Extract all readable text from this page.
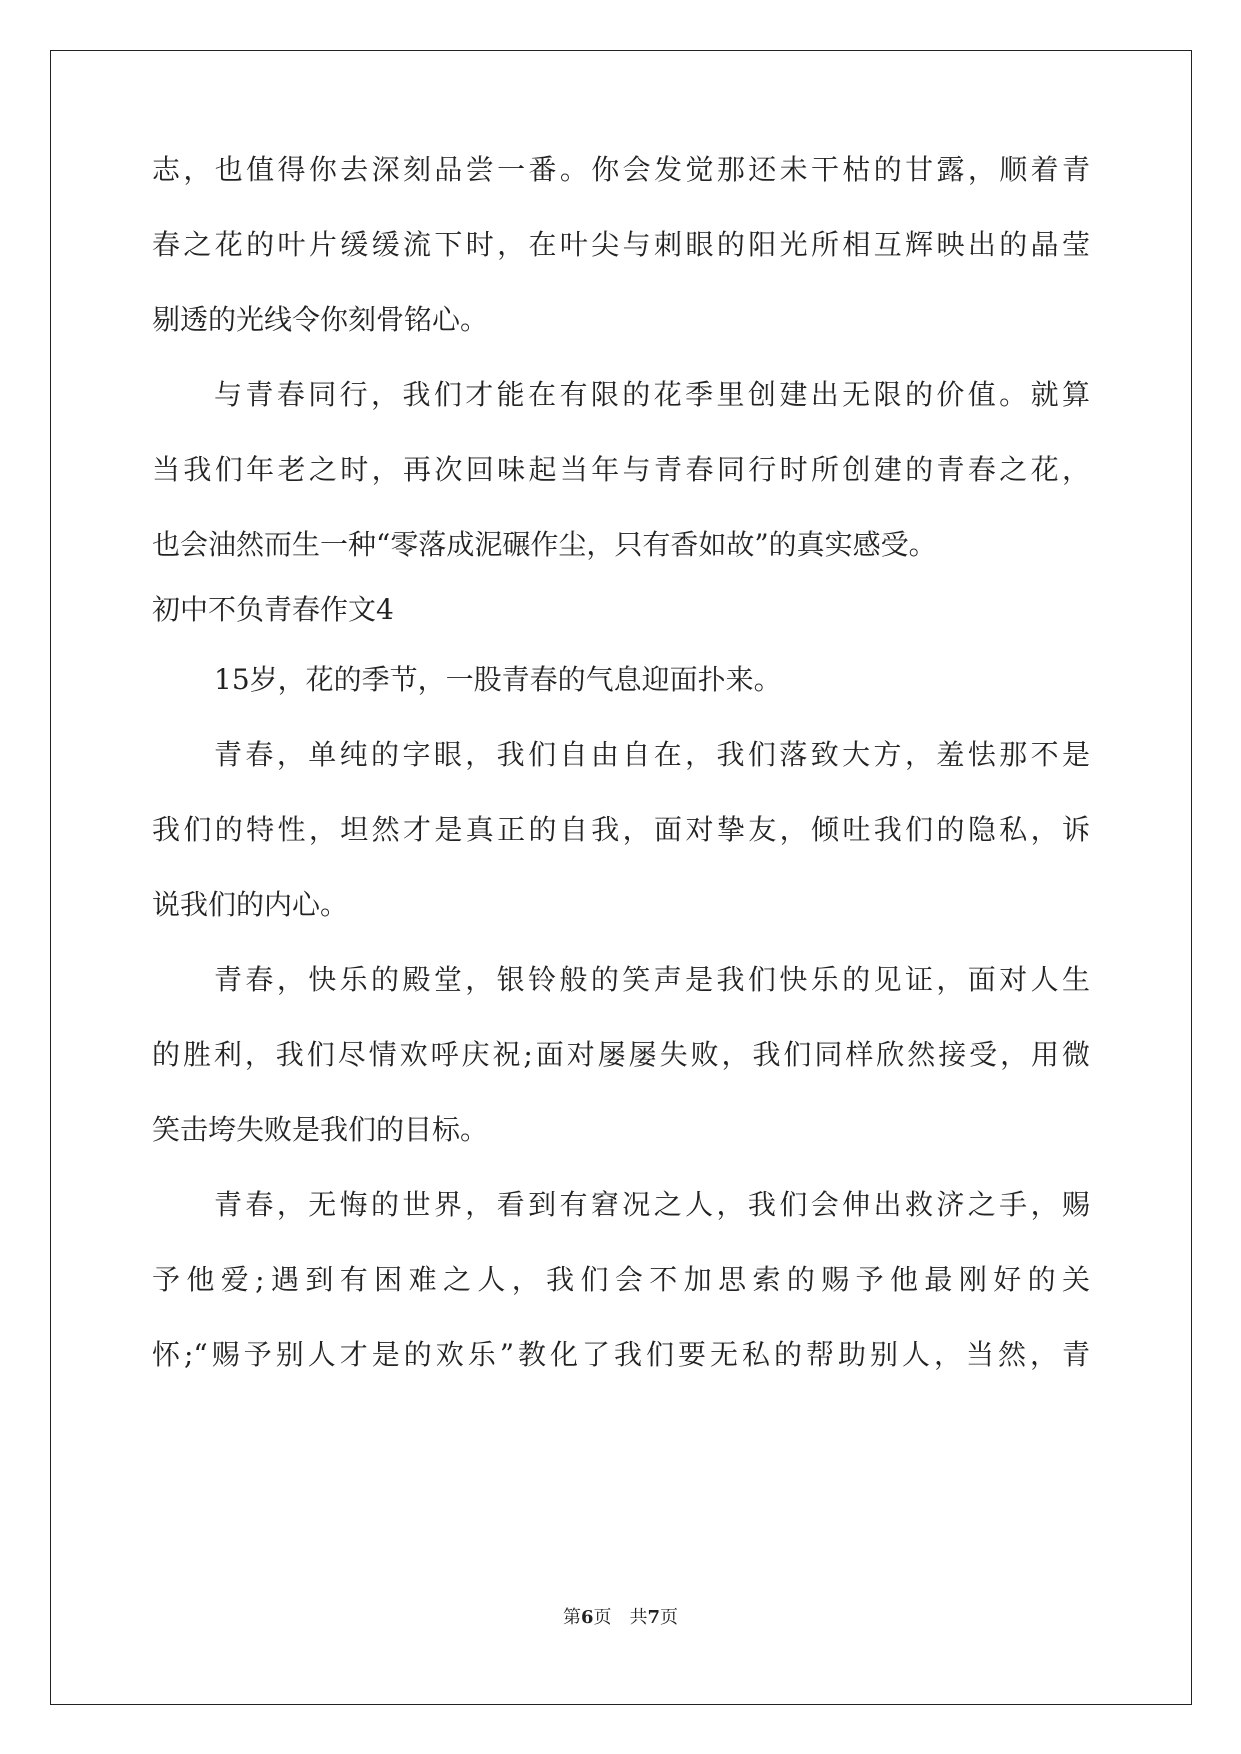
志，也值得你去深刻品尝一番。你会发觉那还未干枯的甘露，顺着青
春之花的叶片缓缓流下时，在叶尖与刺眼的阳光所相互辉映出的晶莹
剔透的光线令你刻骨铭心。
与青春同行，我们才能在有限的花季里创建出无限的价值。就算
当我们年老之时，再次回味起当年与青春同行时所创建的青春之花，
也会油然而生一种“零落成泥碾作尘，只有香如故”的真实感受。
初中不负青春作文4
15岁，花的季节，一股青春的气息迎面扑来。
青春，单纯的字眼，我们自由自在，我们落致大方，羞怯那不是
我们的特性，坦然才是真正的自我，面对挚友，倾吐我们的隐私，诉
说我们的内心。
青春，快乐的殿堂，银铃般的笑声是我们快乐的见证，面对人生
的胜利，我们尽情欢呼庆祝;面对屡屡失败，我们同样欣然接受，用微
笑击垮失败是我们的目标。
青春，无悔的世界，看到有窘况之人，我们会伸出救济之手，赐
予他爱;遇到有困难之人，我们会不加思索的赐予他最刚好的关
怀;“赐予别人才是的欢乐”教化了我们要无私的帮助别人，当然，青
第6页　共7页
